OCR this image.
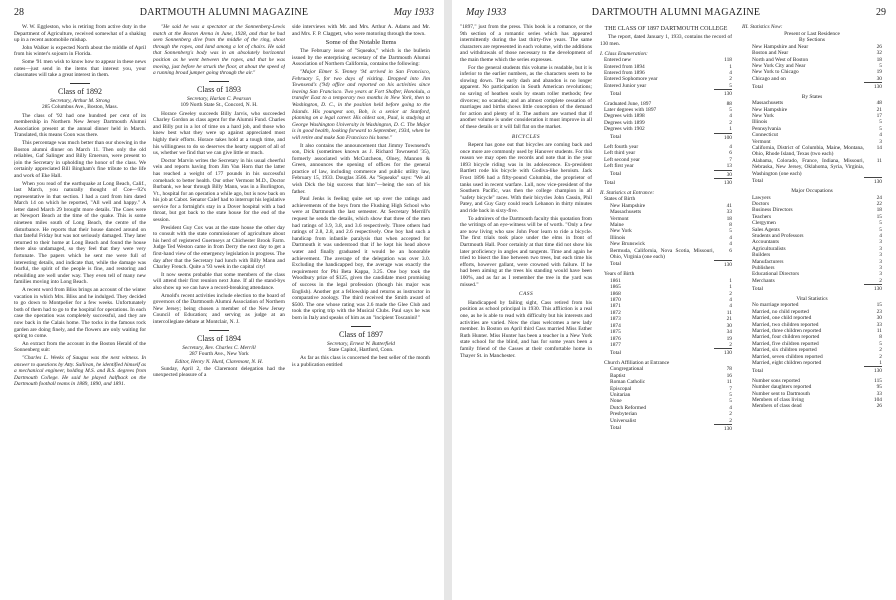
28	DARTMOUTH ALUMNI MAGAZINE	May 1933

W. W. Eggleston, who is retiring from active duty in the Department of Agriculture, received somewhat of a shaking up in a recent automobile mishap.

John Walker is expected North about the middle of April from his winter's sojourn in Florida.

Some '91 men wish to know how to appear in these news notes—just send in the items that interest you, your classmates will take a great interest in them.

Class of 1892
Secretary, Arthur M. Strong
285 Columbus Ave., Boston, Mass.

The class of '92 had one hundred per cent of its membership in Northern New Jersey Dartmouth Alumni Association present at the annual dinner held in March. Translated, this means Coon was there.

This percentage was much better than our showing in the Boston alumni dinner on March 11. Then only the old reliables, Gaf Salinger and Billy Emerson, were present to join the Secretary in upholding the honor of the class. We certainly appreciated Bill Bingham's fine tribute to the life and work of Eke Hall.

When you read of the earthquake at Long Beach, Calif., last March, you naturally thought of Coe—92's representative in that section. I had a card from him dated March 14 on which he reported, "All well and happy." A letter dated March 29 brought more details. The Coes were at Newport Beach at the time of the quake. This is some nineteen miles south of Long Beach, the centre of the disturbance. He reports that their house danced around on that fateful Friday but was not seriously damaged. They later returned to their home at Long Beach and found the house there also undamaged, so they feel that they were very fortunate. The papers which he sent me were full of interesting details, and indicate that, while the damage was fearful, the spirit of the people is fine, and restoring and rebuilding are well under way. They even tell of many new families moving into Long Beach.

A recent word from Bliss brings an account of the winter vacation in which Mrs. Bliss and he indulged. They decided to go down to Montpelier for a few weeks. Unfortunately both of them had to go to the hospital for operations. In each case the operation was completely successful, and they are now back in the Calais home. The tocks in the famous rock garden are doing finely, and the flowers are only waiting for spring to come.

An extract from the account in the Boston Herald of the Sonnenberg suit:

"Charles L. Weeks of Saugus was the next witness. In answer to questions by Atty. Sullivan, he identified himself as a mechanical engineer, holding M.S. and B.S. degrees from Dartmouth College. He said he played halfback on the Dartmouth football teams in 1889, 1890, and 1891.

"He said he was a spectator at the Sonnenberg-Lewis match at the Boston Arena in June, 1928, and that he had seen Sonnenberg dive from the middle of the ring, shoot through the ropes, and land among a lot of chairs. He said that Sonnenberg's body was in an absolutely horizontal position as he went between the ropes, and that he was moving, just before he struck the floor, at about the speed of a running broad jumper going through the air."

Class of 1893
Secretary, Harlan C. Pearson
109 North State St., Concord, N. H.

Horace Greeley succeeds Billy Jarvis, who succeeded Charley Gordon as class agent for the Alumni Fund. Charles and Billy put in a lot of time on a hard job, and those who knew best what they were up against appreciated most highly their efforts. Horace takes hold at a tough time, and his willingness to do so deserves the hearty support of all of us, whether we find that we can give little or much.

Doctor Marvin writes the Secretary in his usual cheerful vein and reports having from Jim Van Horn that the latter has reached a weight of 177 pounds in his successful comeback to better health. Our other Vermont M.D., Doctor Burbank, we hear through Billy Mann, was in a Burlington, Vt., hospital for an operation a while ago, but is now back on his job at Cabot. Senator Calef had to interrupt his legislative service for a fortnight's stay in a Dover hospital with a bad throat, but got back to the state house for the end of the session.

President Guy Cox was at the state house the other day to consult with the state commissioner of agriculture about his herd of registered Guernseys at Chichester Brook Farm. Judge Ted Weston came in from Derry the next day to get a first-hand view of the emergency legislation in progress. The day after that the Secretary had lunch with Billy Mann and Charley French. Quite a '93 week in the capital city!

It now seems probable that some members of the class will attend their first reunion next June. If all the stand-bys also show up we can have a record-breaking attendance.

Arnold's recent activities include election to the board of governors of the Dartmouth Alumni Association of Northern New Jersey; being chosen a member of the New Jersey Council of Education; and serving as judge at an intercollegiate debate at Montclair, N. J.

Class of 1894
Secretary, Rev. Charles C. Merrill
287 Fourth Ave., New York
Editor, Henry N. Hurd, Claremont, N. H.

Sunday, April 2, the Claremont delegation had the unexpected pleasure of a

side interviews with Mr. and Mrs. Arthur A. Adams and Mr. and Mrs. F. P. Claggett, who were motoring through the town.

Some of the Notable Items

The February issue of "Squeaks," which is the bulletin issued by the enterprising secretary of the Dartmouth Alumni Association of Northern California, contains the following:

"Major Elmer S. Tenney '94 arrived in San Francisco, February 5, for two days of visiting. Dropped into Jim Townsend's ('94) office and reported on his activities since leaving San Francisco. Two years at Fort Shafter, Honolulu, a transfer East to a temporary two months in New York, then to Washington, D. C., in the position held before going to the Islands. His youngest son, Bob, is a senior at Stanford, planning on a legal career. His oldest son, Paul, is studying at George Washington University in Washington, D. C. The Major is in good health, looking forward to September, 1934, when he will retire and make San Francisco his home."

It also contains the announcement that Jimmy Townsend's son, Dick (sometimes known as J. Richard Townsend '35), formerly associated with McCutcheon, Olney, Mannon & Green, announces the opening of offices for the general practice of law, including commerce and public utility law, February 15, 1933. Douglas 3566. As "Squeaks" says: "We all wish Dick the big success that him"—being the son of his father.

Paul Jenks is feeling quite set up over the ratings and achievements of the boys from the Flushing High School who were at Dartmouth the last semester. At Secretary Merrill's request he sends the details, which show that three of the men had ratings of 3.9, 3.8, and 3.6 respectively. Three others had ratings of 2.8, 2.8, and 2.6 respectively. One boy had such a handicap from infantile paralysis that when accepted for Dartmouth it was understood that if he kept his head above water and finally graduated it would be an honorable achievement. The average of the delegation was over 3.0. Excluding the handicapped boy, the average was exactly the requirement for Phi Beta Kappa, 3.25. One boy took the Woodbury prize of $125, given the candidate most promising of success in the legal profession (though his major was English). Another got a fellowship and returns as instructor in comparative zoology. The third received the Smith award of $500. The one whose rating was 2.6 made the Glee Club and took the spring trip with the Musical Clubs. Paul says he was born in Italy and speaks of him as an "incipient Toscanini!"

Class of 1897
Secretary, Ernest W. Butterfield
State Capitol, Hartford, Conn.

As far as this class is concerned the best seller of the month is a publication entitled

May 1933	DARTMOUTH ALUMNI MAGAZINE	29

"1897," just from the press. This book is a romance, or the 9th section of a romantic series which has appeared intermittently during the last thirty-five years. The same characters are represented in each volume, with the additions and withdrawals of those necessary to the development of the main theme which the series expresses.

For the general students this volume is readable, but it is inferior to the earlier numbers, as the characters seem to be slowing down. The early dash and abandon is no longer apparent. No participation in South American revolutions; no saving of heathen souls by steam roller methods; few divorces; no scandals; and an almost complete cessation of marriages and births shows little conception of the demand for action and plenty of it. The authors are warned that if another volume is under consideration it must improve in all of these details or it will fall flat on the market.

BICYCLES

Repent has gone out that bicycles are coming back and once more are commonly used by Hanover students. For this reason we may open the records and note that in the year 1893 bicycle riding was in its adolescence. Ex-president Bartlett rode his bicycle with Godiva-like heroism. Jack Frost 1896 had a fifty-pound Columbia, the proprietor of tanks used in recent warfare. Lull, now vice-president of the Southern Pacific, was then the college champion in all "safety bicycle" races. With their bicycles John Cassin, Phil Patey, and Guy Gary could reach Lebanon in thirty minutes and ride back in sixty-five.

To admirers of the Dartmouth faculty this quotation from the writings of an eye-witness will be of worth. "Only a few are now living who saw John Poor learn to ride a bicycle. The first trials took place under the elms in front of Dartmouth Hall. Poor certainly at that time did not show his later proficiency in angles and tangents. Time and again he tried to bisect the line between two trees, but each time his efforts, however gallant, were crowned with failure. If he had been aiming at the trees his standing would have been 100%, and as far as I remember the tree in the yard was missed."

CASS

Handicapped by failing sight, Cass retired from his position as school principal in 1930. This affliction is a real one, as he is able to read with difficulty but his interests and activities are varied. Now the class welcomes a new lady member. In Boston on April third Cass married Miss Esther Ruth Hunter. Miss Hunter has been a teacher in a New York state school for the blind, and has for some years been a family friend of the Casses at their comfortable home in Thayer St. in Manchester.

THE CLASS OF 1897 DARTMOUTH COLLEGE

The report, dated January 1, 1933, contains the record of 130 men.

I. Class Enumeration:
Entered new	118
Entered from 1894	1
Entered from 1896	4
Entered Sophomore year	2
Entered Junior year	5
Total	130
Graduated June, 1897	88
Later degrees with 1897	5
Degrees with 1898	4
Degrees with 1899	2
Degrees with 1902	1
Total	100
Left fourth year	4
Left third year	6
Left second year	7
Left first year	13
Total	30
Total	130
II. Statistics at Entrance:
States of Birth
New Hampshire	41
Massachusetts	33
Vermont	18
Maine	8
New York	5
Illinois	4
New Brunswick	4
Bermuda, California, Nova Scotia, Missouri, Ohio, Virginia (one each)	6
Total	130
Years of Birth
1861	1
1865	1
1868	2
1870	4
1871	4
1872	11
1873	21
1874	30
1875	34
1876	19
1877	2
Total	130
Church Affiliation at Entrance
Congregational	78
Baptist	16
Roman Catholic	11
Episcopal	7
Unitarian	5
None	5
Dutch Reformed	4
Presbyterian	2
Universalist	2
Total	130
III. Statistics Now:
Present or Last Residence
By Sections
New Hampshire and Near	26
Boston and Near	32
North and West of Boston	18
New York City and Near	5
New York to Chicago	19
Chicago and on	30
Total	130
By States
Massachusetts	48
New Hampshire	21
New York	17
Illinois	5
Pennsylvania	5
Connecticut	4
Vermont	3
California, District of Columbia, Maine, Montana, Ohio, Rhode Island, Texas (two each)	14
Alabama, Colorado, France, Indiana, Missouri, Nebraska, New Jersey, Oklahoma, Syria, Virginia, Washington (one each)	11
Total	130
Major Occupations
Lawyers	24
Doctors	22
Business Directors	18
Teachers	15
Clergymen	5
Sales Agents	5
Students and Professors	4
Accountants	3
Agriculturalists	3
Builders	3
Manufacturers	3
Publishers	3
Educational Directors	3
Merchants	2
Total	130
Vital Statistics
No marriage reported	15
Married, no child reported	23
Married, one child reported	30
Married, two children reported	33
Married, three children reported	11
Married, four children reported	8
Married, five children reported	5
Married, six children reported	2
Married, seven children reported	2
Married, eight children reported	1
Total	130
Number sons reported	115
Number daughters reported	95
Number sent to Dartmouth	33
Members of class living	104
Members of class dead	26
